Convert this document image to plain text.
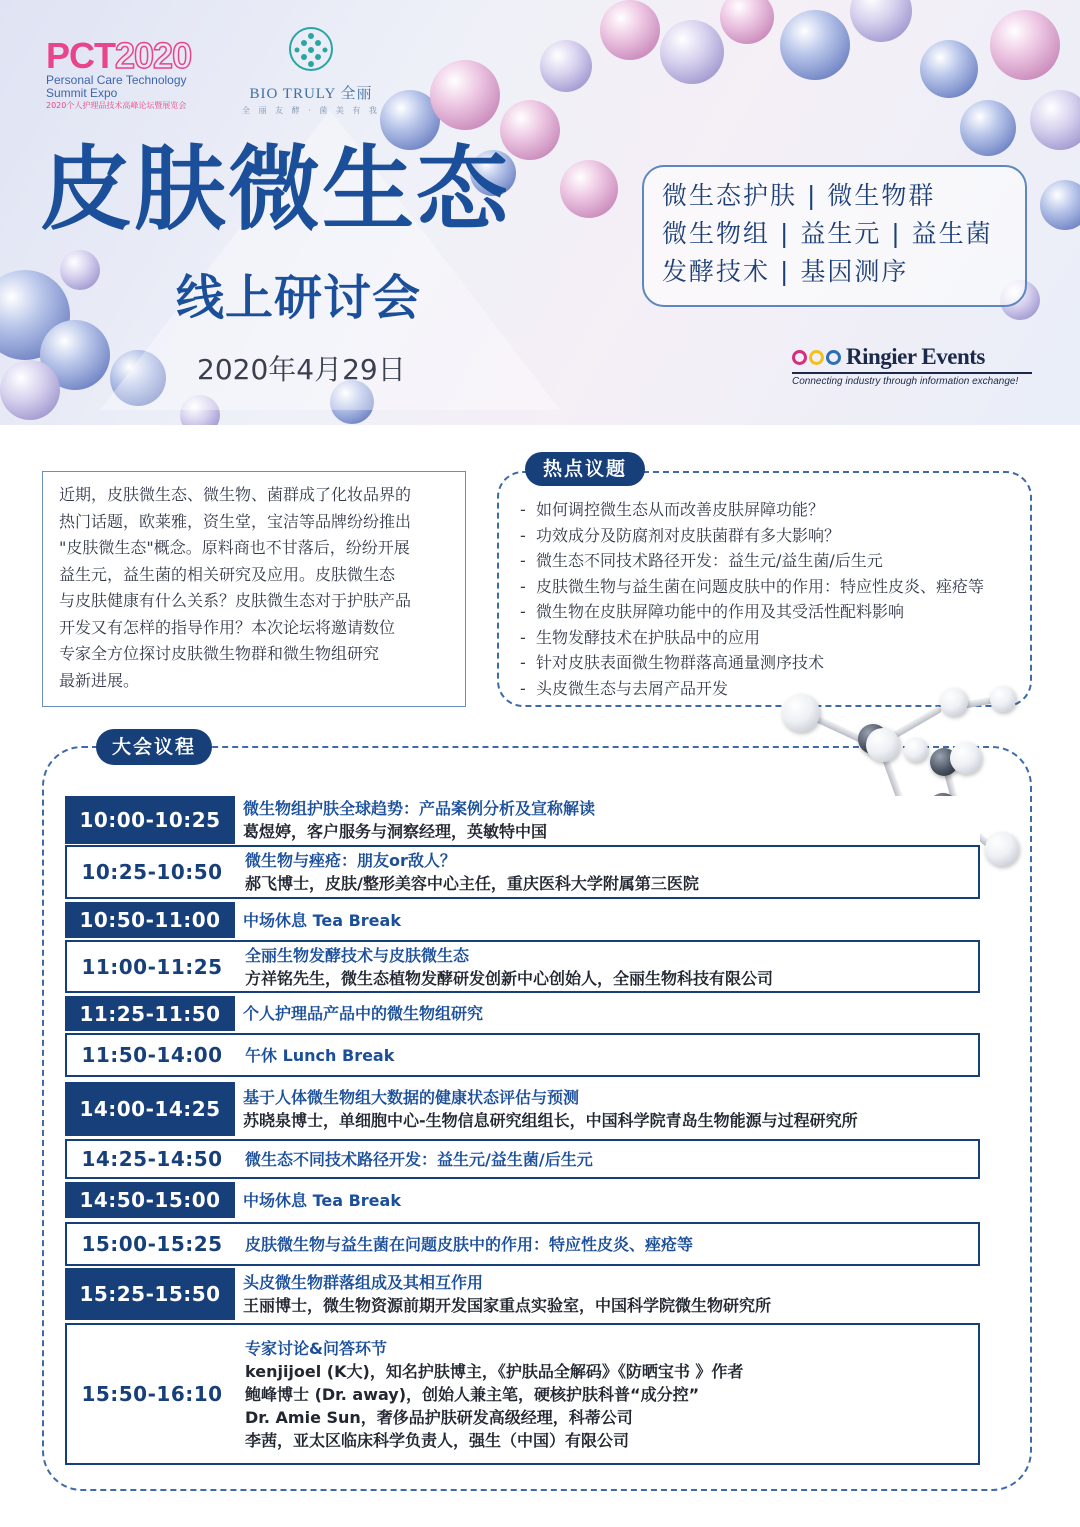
PCT2020
Personal Care Technology
Summit Expo
2020个人护理品技术高峰论坛暨展览会
BIO TRULY 全丽
全 丽 友 酵 · 菌 美 有 我
皮肤微生态
线上研讨会
2020年4月29日
微生态护肤 | 微生物群
微生物组 | 益生元 | 益生菌
发酵技术 | 基因测序
Ringier Events
Connecting industry through information exchange!
近期，皮肤微生态、微生物、菌群成了化妆品界的
热门话题，欧莱雅，资生堂，宝洁等品牌纷纷推出
"皮肤微生态"概念。原料商也不甘落后，纷纷开展
益生元，益生菌的相关研究及应用。皮肤微生态
与皮肤健康有什么关系？皮肤微生态对于护肤产品
开发又有怎样的指导作用？本次论坛将邀请数位
专家全方位探讨皮肤微生物群和微生物组研究
最新进展。
热点议题
- 如何调控微生态从而改善皮肤屏障功能？
- 功效成分及防腐剂对皮肤菌群有多大影响？
- 微生态不同技术路径开发：益生元/益生菌/后生元
- 皮肤微生物与益生菌在问题皮肤中的作用：特应性皮炎、痤疮等
- 微生物在皮肤屏障功能中的作用及其受活性配料影响
- 生物发酵技术在护肤品中的应用
- 针对皮肤表面微生物群落高通量测序技术
- 头皮微生态与去屑产品开发
大会议程
10:00-10:25	微生物组护肤全球趋势：产品案例分析及宣称解读
葛煜婷，客户服务与洞察经理，英敏特中国
10:25-10:50	微生物与痤疮：朋友or敌人？
郝飞博士，皮肤/整形美容中心主任，重庆医科大学附属第三医院
10:50-11:00	中场休息 Tea Break
11:00-11:25	全丽生物发酵技术与皮肤微生态
方祥铭先生，微生态植物发酵研发创新中心创始人，全丽生物科技有限公司
11:25-11:50	个人护理品产品中的微生物组研究
11:50-14:00	午休 Lunch Break
14:00-14:25	基于人体微生物组大数据的健康状态评估与预测
苏晓泉博士，单细胞中心-生物信息研究组组长，中国科学院青岛生物能源与过程研究所
14:25-14:50	微生态不同技术路径开发：益生元/益生菌/后生元
14:50-15:00	中场休息 Tea Break
15:00-15:25	皮肤微生物与益生菌在问题皮肤中的作用：特应性皮炎、痤疮等
15:25-15:50	头皮微生物群落组成及其相互作用
王丽博士，微生物资源前期开发国家重点实验室，中国科学院微生物研究所
15:50-16:10
专家讨论&问答环节
kenjijoel (K大)，知名护肤博主，《护肤品全解码》《防晒宝书 》作者
鲍峰博士 (Dr. away)，创始人兼主笔，硬核护肤科普“成分控”
Dr. Amie Sun，奢侈品护肤研发高级经理，科蒂公司
李茜，亚太区临床科学负责人，强生（中国）有限公司
